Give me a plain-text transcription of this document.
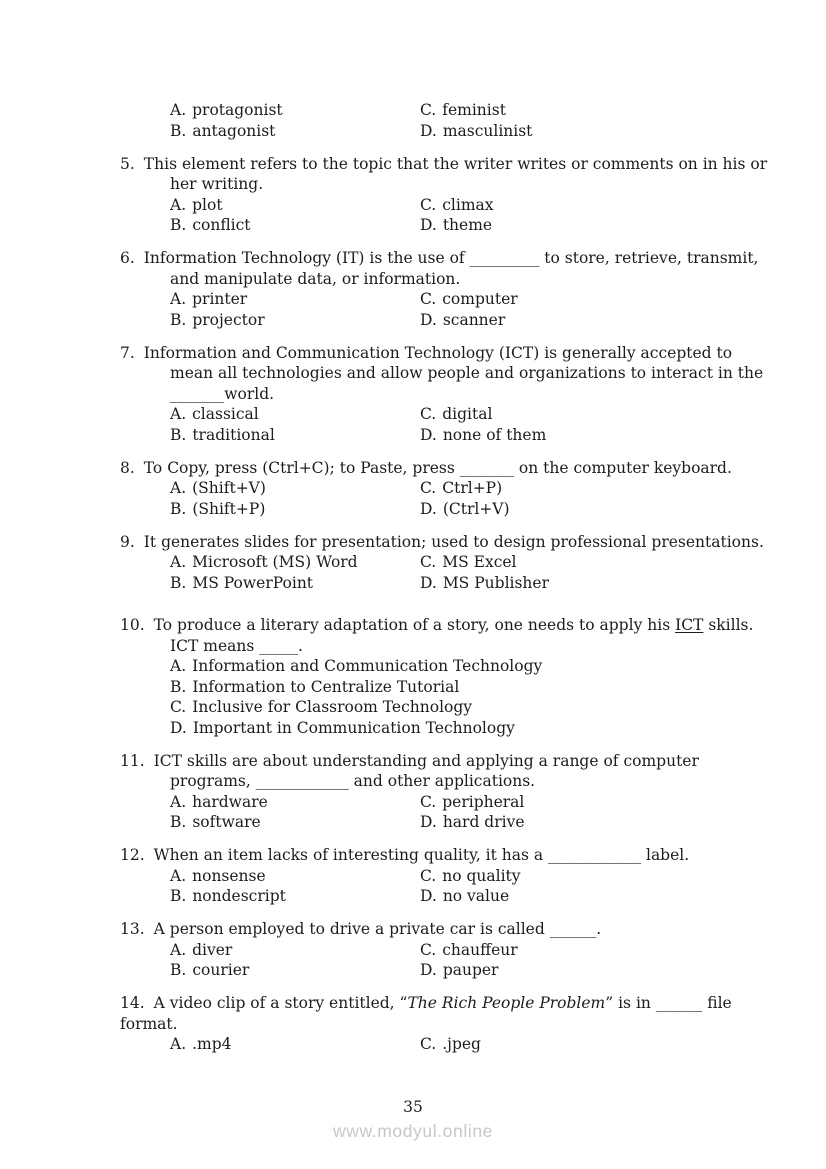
A. protagonist	C. feminist
B. antagonist	D. masculinist
5. This element refers to the topic that the writer writes or comments on in his or
her writing.
A. plot	C. climax
B. conflict	D. theme
6. Information Technology (IT) is the use of _________ to store, retrieve, transmit,
and manipulate data, or information.
A. printer	C. computer
B. projector	D. scanner
7. Information and Communication Technology (ICT) is generally accepted to
mean all technologies and allow people and organizations to interact in the
_______world.
A. classical	C. digital
B. traditional	D. none of them
8. To Copy, press (Ctrl+C); to Paste, press _______ on the computer keyboard.
A. (Shift+V)	C. Ctrl+P)
B. (Shift+P)	D. (Ctrl+V)
9. It generates slides for presentation; used to design professional presentations.
A. Microsoft (MS) Word	C. MS Excel
B. MS PowerPoint	D. MS Publisher
10. To produce a literary adaptation of a story, one needs to apply his ICT skills.
ICT means _____.
A. Information and Communication Technology
B. Information to Centralize Tutorial
C. Inclusive for Classroom Technology
D. Important in Communication Technology
11. ICT skills are about understanding and applying a range of computer
programs, ____________ and other applications.
A. hardware	C. peripheral
B. software	D. hard drive
12. When an item lacks of interesting quality, it has a ____________ label.
A. nonsense	C. no quality
B. nondescript	D. no value
13. A person employed to drive a private car is called ______.
A. diver	C. chauffeur
B. courier	D. pauper
14. A video clip of a story entitled, “The Rich People Problem” is in ______ file
format.
A. .mp4	C. .jpeg
35
www.modyul.online
